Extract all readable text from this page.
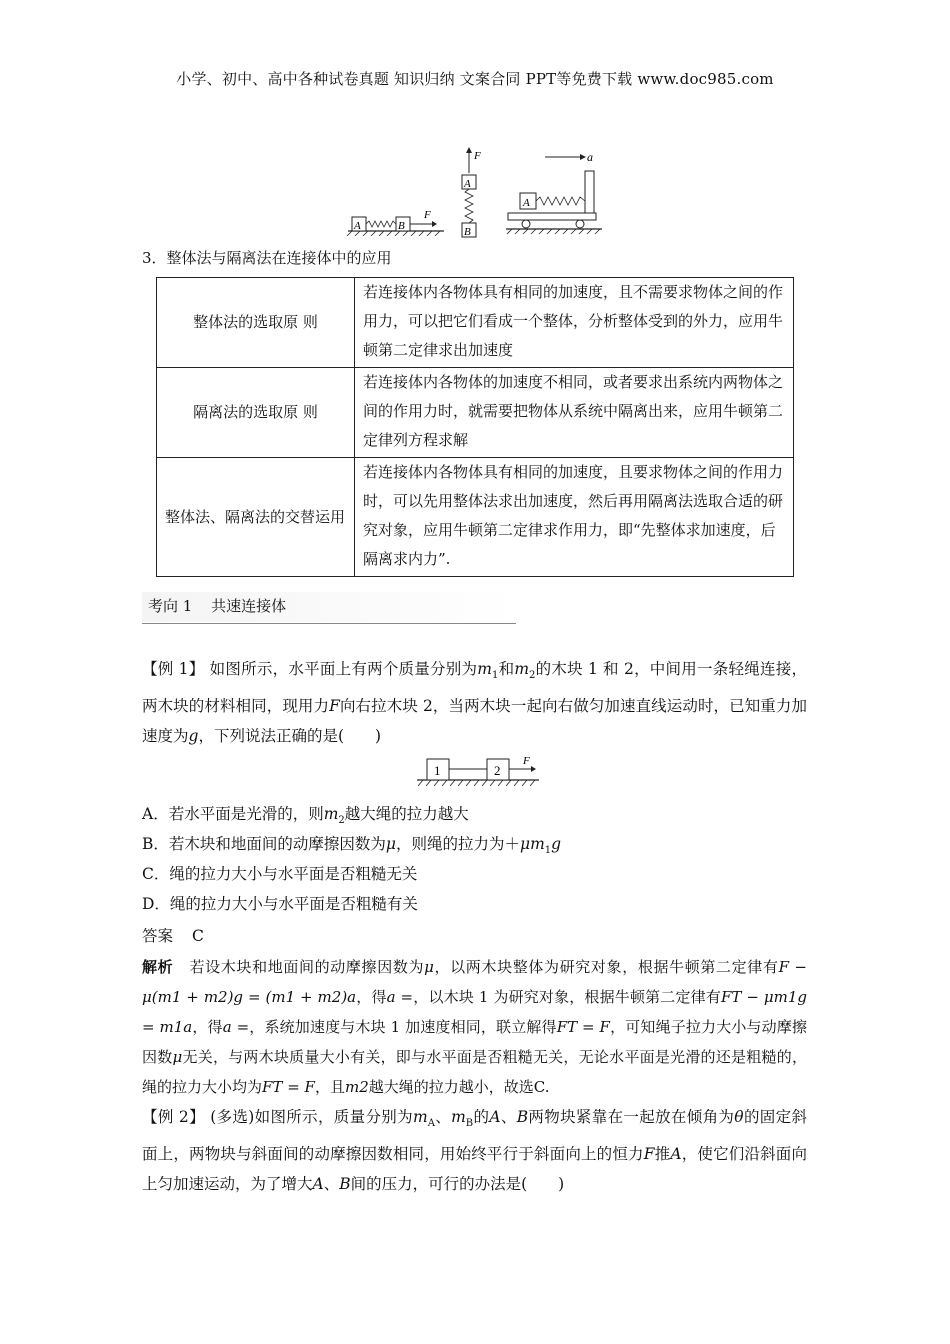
小学、初中、高中各种试卷真题 知识归纳 文案合同 PPT等免费下载 www.doc985.com
A	B
F
F
A
B
a
A
3．整体法与隔离法在连接体中的应用
整体法的选取原 则	若连接体内各物体具有相同的加速度，且不需要求物体之间的作用力，可以把它们看成一个整体，分析整体受到的外力，应用牛顿第二定律求出加速度
隔离法的选取原 则	若连接体内各物体的加速度不相同，或者要求出系统内两物体之间的作用力时，就需要把物体从系统中隔离出来，应用牛顿第二定律列方程求解
整体法、隔离法的交替运用	若连接体内各物体具有相同的加速度，且要求物体之间的作用力时，可以先用整体法求出加速度，然后再用隔离法选取合适的研究对象，应用牛顿第二定律求作用力，即“先整体求加速度，后隔离求内力”.
考向 1 共速连接体
【例 1】 如图所示，水平面上有两个质量分别为$m_1$和$m_2$的木块 1 和 2，中间用一条轻绳连接，两木块的材料相同，现用力F向右拉木块 2，当两木块一起向右做匀加速直线运动时，已知重力加速度为g，下列说法正确的是(　　)
1	2
F
A．若水平面是光滑的，则$m_2$越大绳的拉力越大
B．若木块和地面间的动摩擦因数为μ，则绳的拉力为$+\mu m_1g$
C．绳的拉力大小与水平面是否粗糙无关
D．绳的拉力大小与水平面是否粗糙有关
答案 C
解析 若设木块和地面间的动摩擦因数为μ，以两木块整体为研究对象，根据牛顿第二定律有F − μ(m1 + m2)g = (m1 + m2)a，得a =，以木块 1 为研究对象，根据牛顿第二定律有FT − μm1g = m1a，得a =，系统加速度与木块 1 加速度相同，联立解得FT = F，可知绳子拉力大小与动摩擦因数μ无关，与两木块质量大小有关，即与水平面是否粗糙无关，无论水平面是光滑的还是粗糙的，绳的拉力大小均为FT = F，且m2越大绳的拉力越小，故选C.
【例 2】 (多选)如图所示，质量分别为$m_A$、$m_B$的A、B两物块紧靠在一起放在倾角为θ的固定斜面上，两物块与斜面间的动摩擦因数相同，用始终平行于斜面向上的恒力F推A，使它们沿斜面向上匀加速运动，为了增大A、B间的压力，可行的办法是(　　)
